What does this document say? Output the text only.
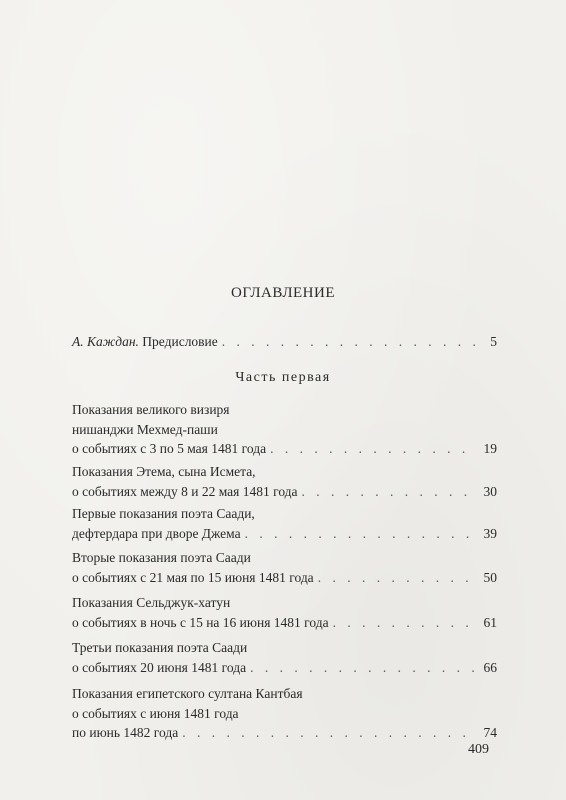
ОГЛАВЛЕНИЕ
А. Каждан. Предисловие . . .	5
Часть первая
Показания великого визиря
нишанджи Мехмед-паши
о событиях с 3 по 5 мая 1481 года . . .	19
Показания Этема, сына Исмета,
о событиях между 8 и 22 мая 1481 года . . .	30
Первые показания поэта Саади,
дефтердара при дворе Джема . . .	39
Вторые показания поэта Саади
о событиях с 21 мая по 15 июня 1481 года . . .	50
Показания Сельджук-хатун
о событиях в ночь с 15 на 16 июня 1481 года . . .	61
Третьи показания поэта Саади
о событиях 20 июня 1481 года . . .	66
Показания египетского султана Кантбая
о событиях с июня 1481 года
по июнь 1482 года . . .	74
409
